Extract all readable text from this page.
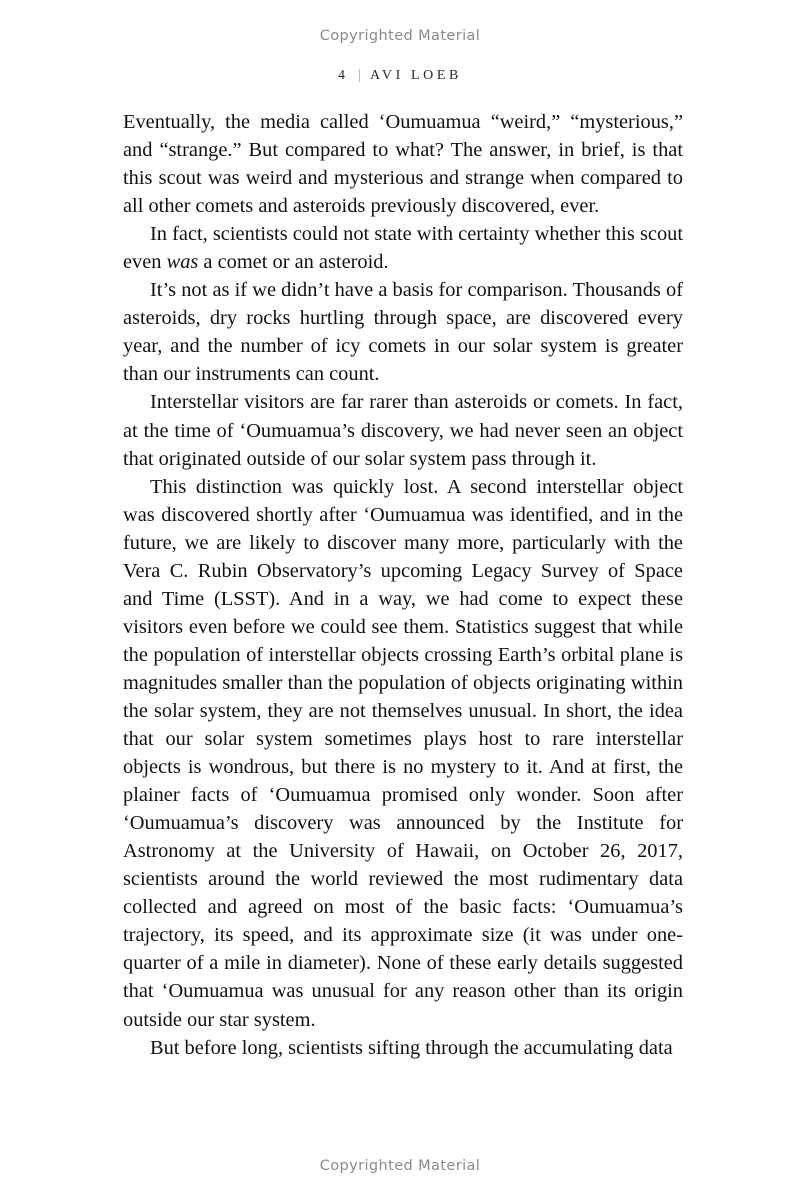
Copyrighted Material
4 | AVI LOEB

Eventually, the media called ‘Oumuamua “weird,” “mysterious,” and “strange.” But compared to what? The answer, in brief, is that this scout was weird and mysterious and strange when compared to all other comets and asteroids previously discovered, ever.

In fact, scientists could not state with certainty whether this scout even was a comet or an asteroid.

It’s not as if we didn’t have a basis for comparison. Thousands of asteroids, dry rocks hurtling through space, are discovered every year, and the number of icy comets in our solar system is greater than our instruments can count.

Interstellar visitors are far rarer than asteroids or comets. In fact, at the time of ‘Oumuamua’s discovery, we had never seen an object that originated outside of our solar system pass through it.

This distinction was quickly lost. A second interstellar object was discovered shortly after ‘Oumuamua was identified, and in the future, we are likely to discover many more, particularly with the Vera C. Rubin Observatory’s upcoming Legacy Survey of Space and Time (LSST). And in a way, we had come to expect these visitors even before we could see them. Statistics suggest that while the population of interstellar objects crossing Earth’s orbital plane is magnitudes smaller than the population of objects originating within the solar system, they are not themselves unusual. In short, the idea that our solar system sometimes plays host to rare interstellar objects is wondrous, but there is no mystery to it. And at first, the plainer facts of ‘Oumuamua promised only wonder. Soon after ‘Oumuamua’s discovery was announced by the Institute for Astronomy at the University of Hawaii, on October 26, 2017, scientists around the world reviewed the most rudimentary data collected and agreed on most of the basic facts: ‘Oumuamua’s trajectory, its speed, and its approximate size (it was under one-quarter of a mile in diameter). None of these early details suggested that ‘Oumuamua was unusual for any reason other than its origin outside our star system.

But before long, scientists sifting through the accumulating data

Copyrighted Material
